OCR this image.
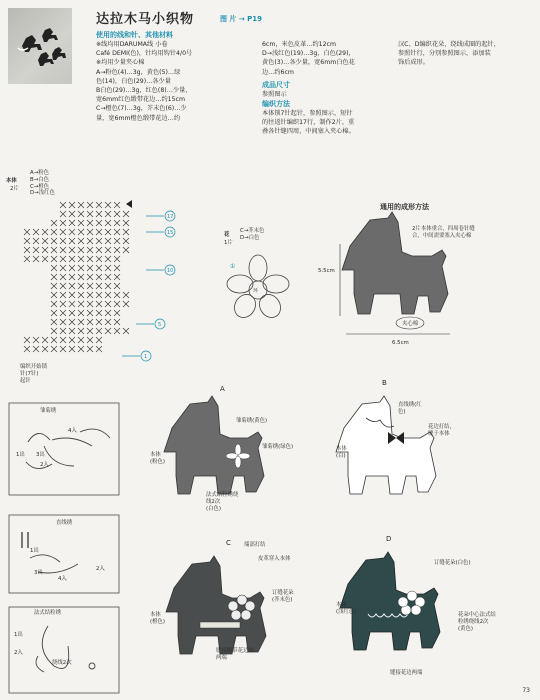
达拉木马小织物	图 片 → P19
使用的线和针、其他材料
※线均用DARUMA线 小卷
Café DEMI(色)，针均用钩针4/0号
※均用少量夹心棉
A→粉色(4)…3g，黄色(5)…绿
色(14)，白色(29)…各少量
B白色(29)…3g，红色(8)…少量，
宽6mm红色缎带花边…约15cm
C→橙色(7)…3g，芥末色(6)…少
量，宽6mm橙色缎带花边…约
6cm，米色皮革…约12cm
D→浅红色(19)…3g，白色(29)，
黄色(3)…各少量，宽6mm白色花
边…约6cm
成品尺寸
参照图示
编织方法
本体锁7针起针，参照图示，短针
的往返针编织17行，制作2片，重
叠各针缝四周，中间塞入夹心棉。
汉C、D编织花朵，绕线成圈的起针，
参照针行，分别参照图示，添加装
饰后成形。
本体
2片
A→粉色
B→白色
C→橙色
D→浅红色
17
15
10
5
1
编织开始锁
针(7针)
起针
花
1片
C→芥末色
D→白色
环
①
通用的成形方法
2片本体重合，四周卷针缝
合，中间需要塞入夹心棉
夹心棉
5.5cm
6.5cm
雏菊绣
4入
1出 3出
2入
直线绣
1出
3出
2入
4入
法式结粒绣
1出
2入
绕线2次
A
雏菊绣(黄色)
雏菊绣(绿色)
法式结粒绣绕
线2次
(白色)
本体
(粉色)
B
直线绣(红
色)
花边打结，
缝于本体
本体
(白)
C 端部打结
皮革穿入本体
订缝花朵
(芥末色)
缝接缎带花边的
两端
本体
(橙色)
D
订缝花朵(白色)
花朵中心法式结
粒绣绕线2次
(黄色)
缝接花边两端
本体
(浅红色)
73
